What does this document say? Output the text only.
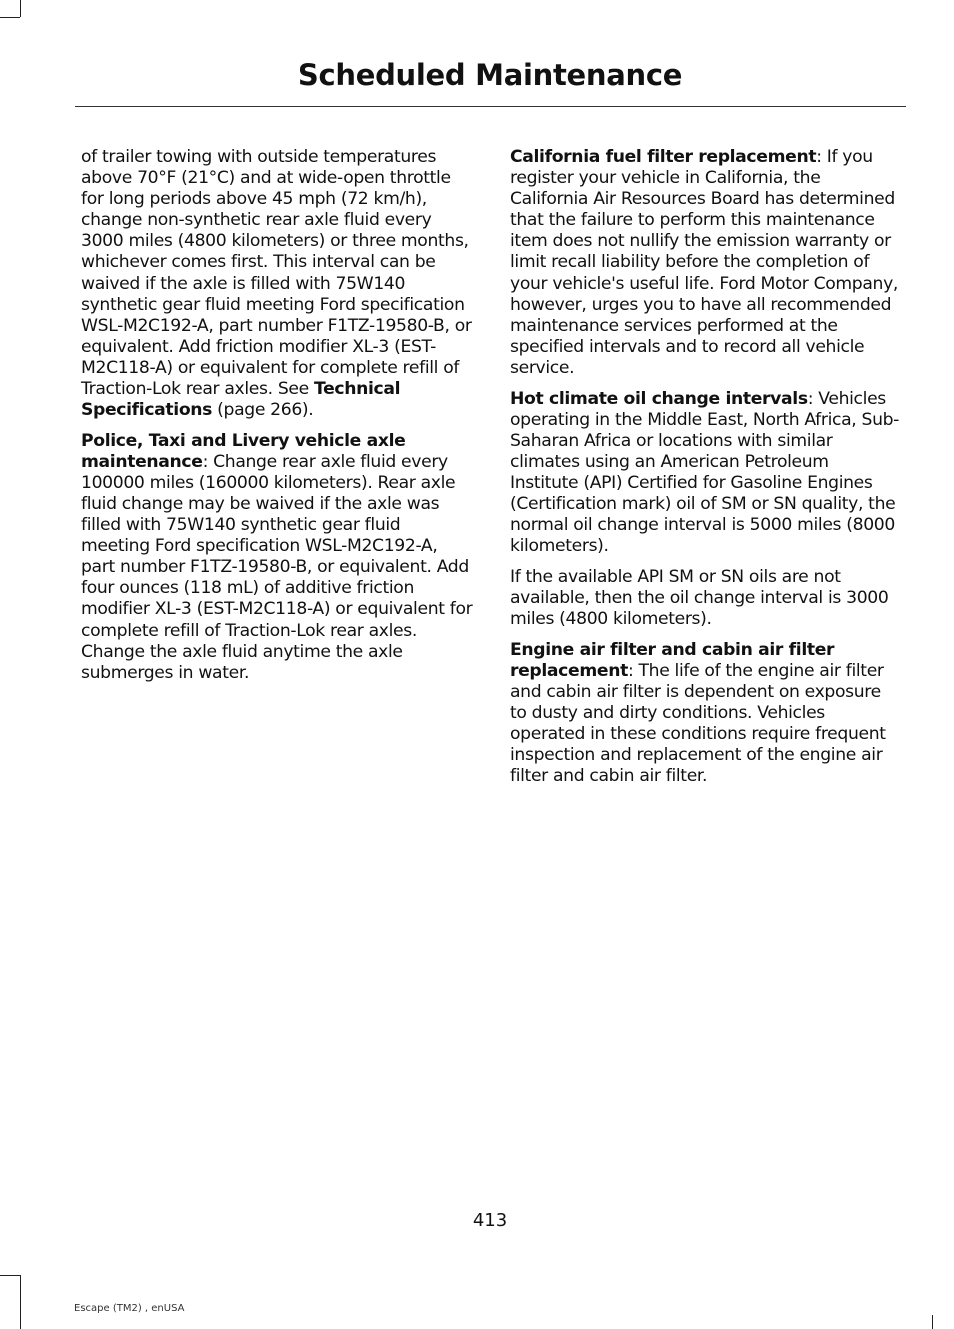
Scheduled Maintenance

of trailer towing with outside temperatures above 70°F (21°C) and at wide-open throttle for long periods above 45 mph (72 km/h), change non-synthetic rear axle fluid every 3000 miles (4800 kilometers) or three months, whichever comes first. This interval can be waived if the axle is filled with 75W140 synthetic gear fluid meeting Ford specification WSL-M2C192-A, part number F1TZ-19580-B, or equivalent. Add friction modifier XL-3 (EST-M2C118-A) or equivalent for complete refill of Traction-Lok rear axles. See Technical Specifications (page 266).

Police, Taxi and Livery vehicle axle maintenance: Change rear axle fluid every 100000 miles (160000 kilometers). Rear axle fluid change may be waived if the axle was filled with 75W140 synthetic gear fluid meeting Ford specification WSL-M2C192-A, part number F1TZ-19580-B, or equivalent. Add four ounces (118 mL) of additive friction modifier XL-3 (EST-M2C118-A) or equivalent for complete refill of Traction-Lok rear axles. Change the axle fluid anytime the axle submerges in water.

California fuel filter replacement: If you register your vehicle in California, the California Air Resources Board has determined that the failure to perform this maintenance item does not nullify the emission warranty or limit recall liability before the completion of your vehicle's useful life. Ford Motor Company, however, urges you to have all recommended maintenance services performed at the specified intervals and to record all vehicle service.

Hot climate oil change intervals: Vehicles operating in the Middle East, North Africa, Sub-Saharan Africa or locations with similar climates using an American Petroleum Institute (API) Certified for Gasoline Engines (Certification mark) oil of SM or SN quality, the normal oil change interval is 5000 miles (8000 kilometers).

If the available API SM or SN oils are not available, then the oil change interval is 3000 miles (4800 kilometers).

Engine air filter and cabin air filter replacement: The life of the engine air filter and cabin air filter is dependent on exposure to dusty and dirty conditions. Vehicles operated in these conditions require frequent inspection and replacement of the engine air filter and cabin air filter.

413
Escape (TM2) , enUSA
